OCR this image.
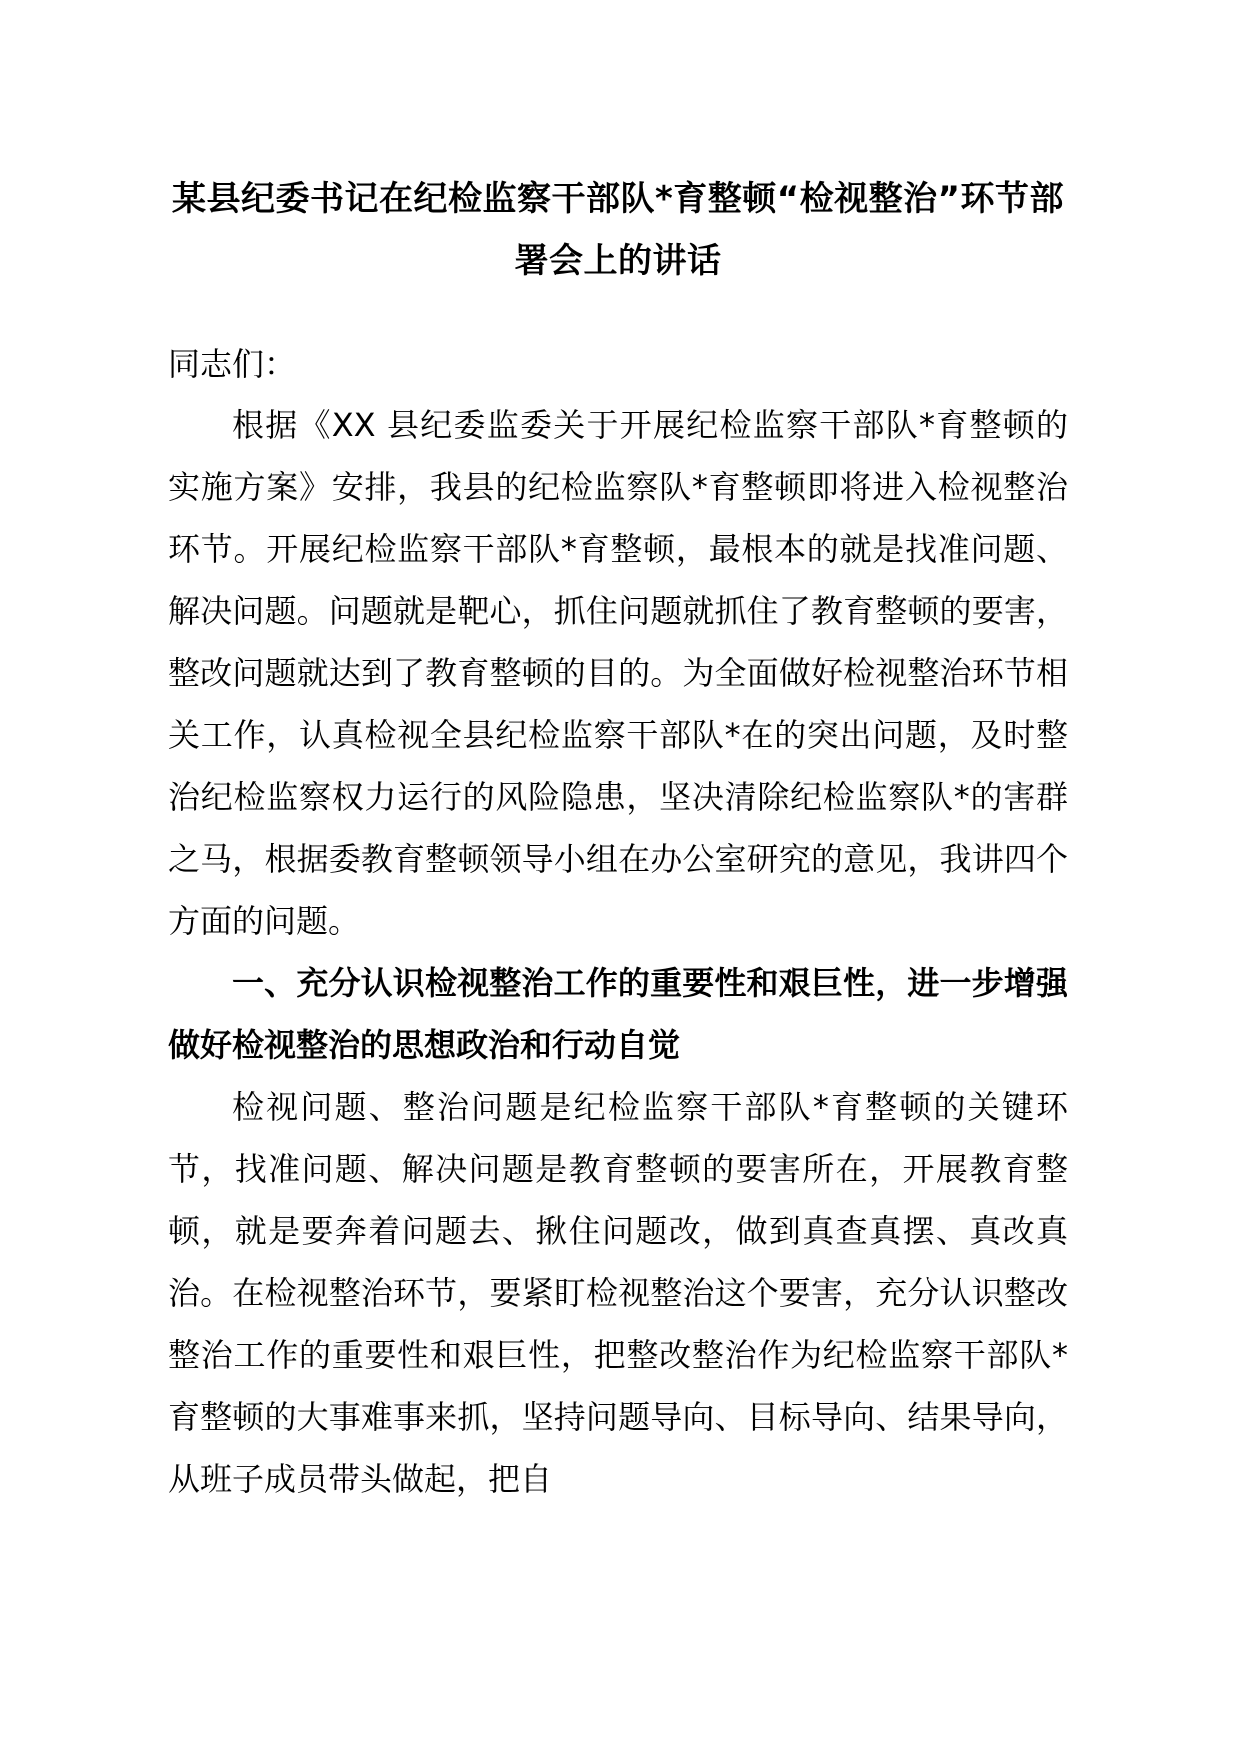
某县纪委书记在纪检监察干部队*育整顿“检视整治”环节部署会上的讲话

同志们：

根据《XX 县纪委监委关于开展纪检监察干部队*育整顿的实施方案》安排，我县的纪检监察队*育整顿即将进入检视整治环节。开展纪检监察干部队*育整顿，最根本的就是找准问题、解决问题。问题就是靶心，抓住问题就抓住了教育整顿的要害，整改问题就达到了教育整顿的目的。为全面做好检视整治环节相关工作，认真检视全县纪检监察干部队*在的突出问题，及时整治纪检监察权力运行的风险隐患，坚决清除纪检监察队*的害群之马，根据委教育整顿领导小组在办公室研究的意见，我讲四个方面的问题。

一、充分认识检视整治工作的重要性和艰巨性，进一步增强做好检视整治的思想政治和行动自觉

检视问题、整治问题是纪检监察干部队*育整顿的关键环节，找准问题、解决问题是教育整顿的要害所在，开展教育整顿，就是要奔着问题去、揪住问题改，做到真查真摆、真改真治。在检视整治环节，要紧盯检视整治这个要害，充分认识整改整治工作的重要性和艰巨性，把整改整治作为纪检监察干部队*育整顿的大事难事来抓，坚持问题导向、目标导向、结果导向，从班子成员带头做起，把自
